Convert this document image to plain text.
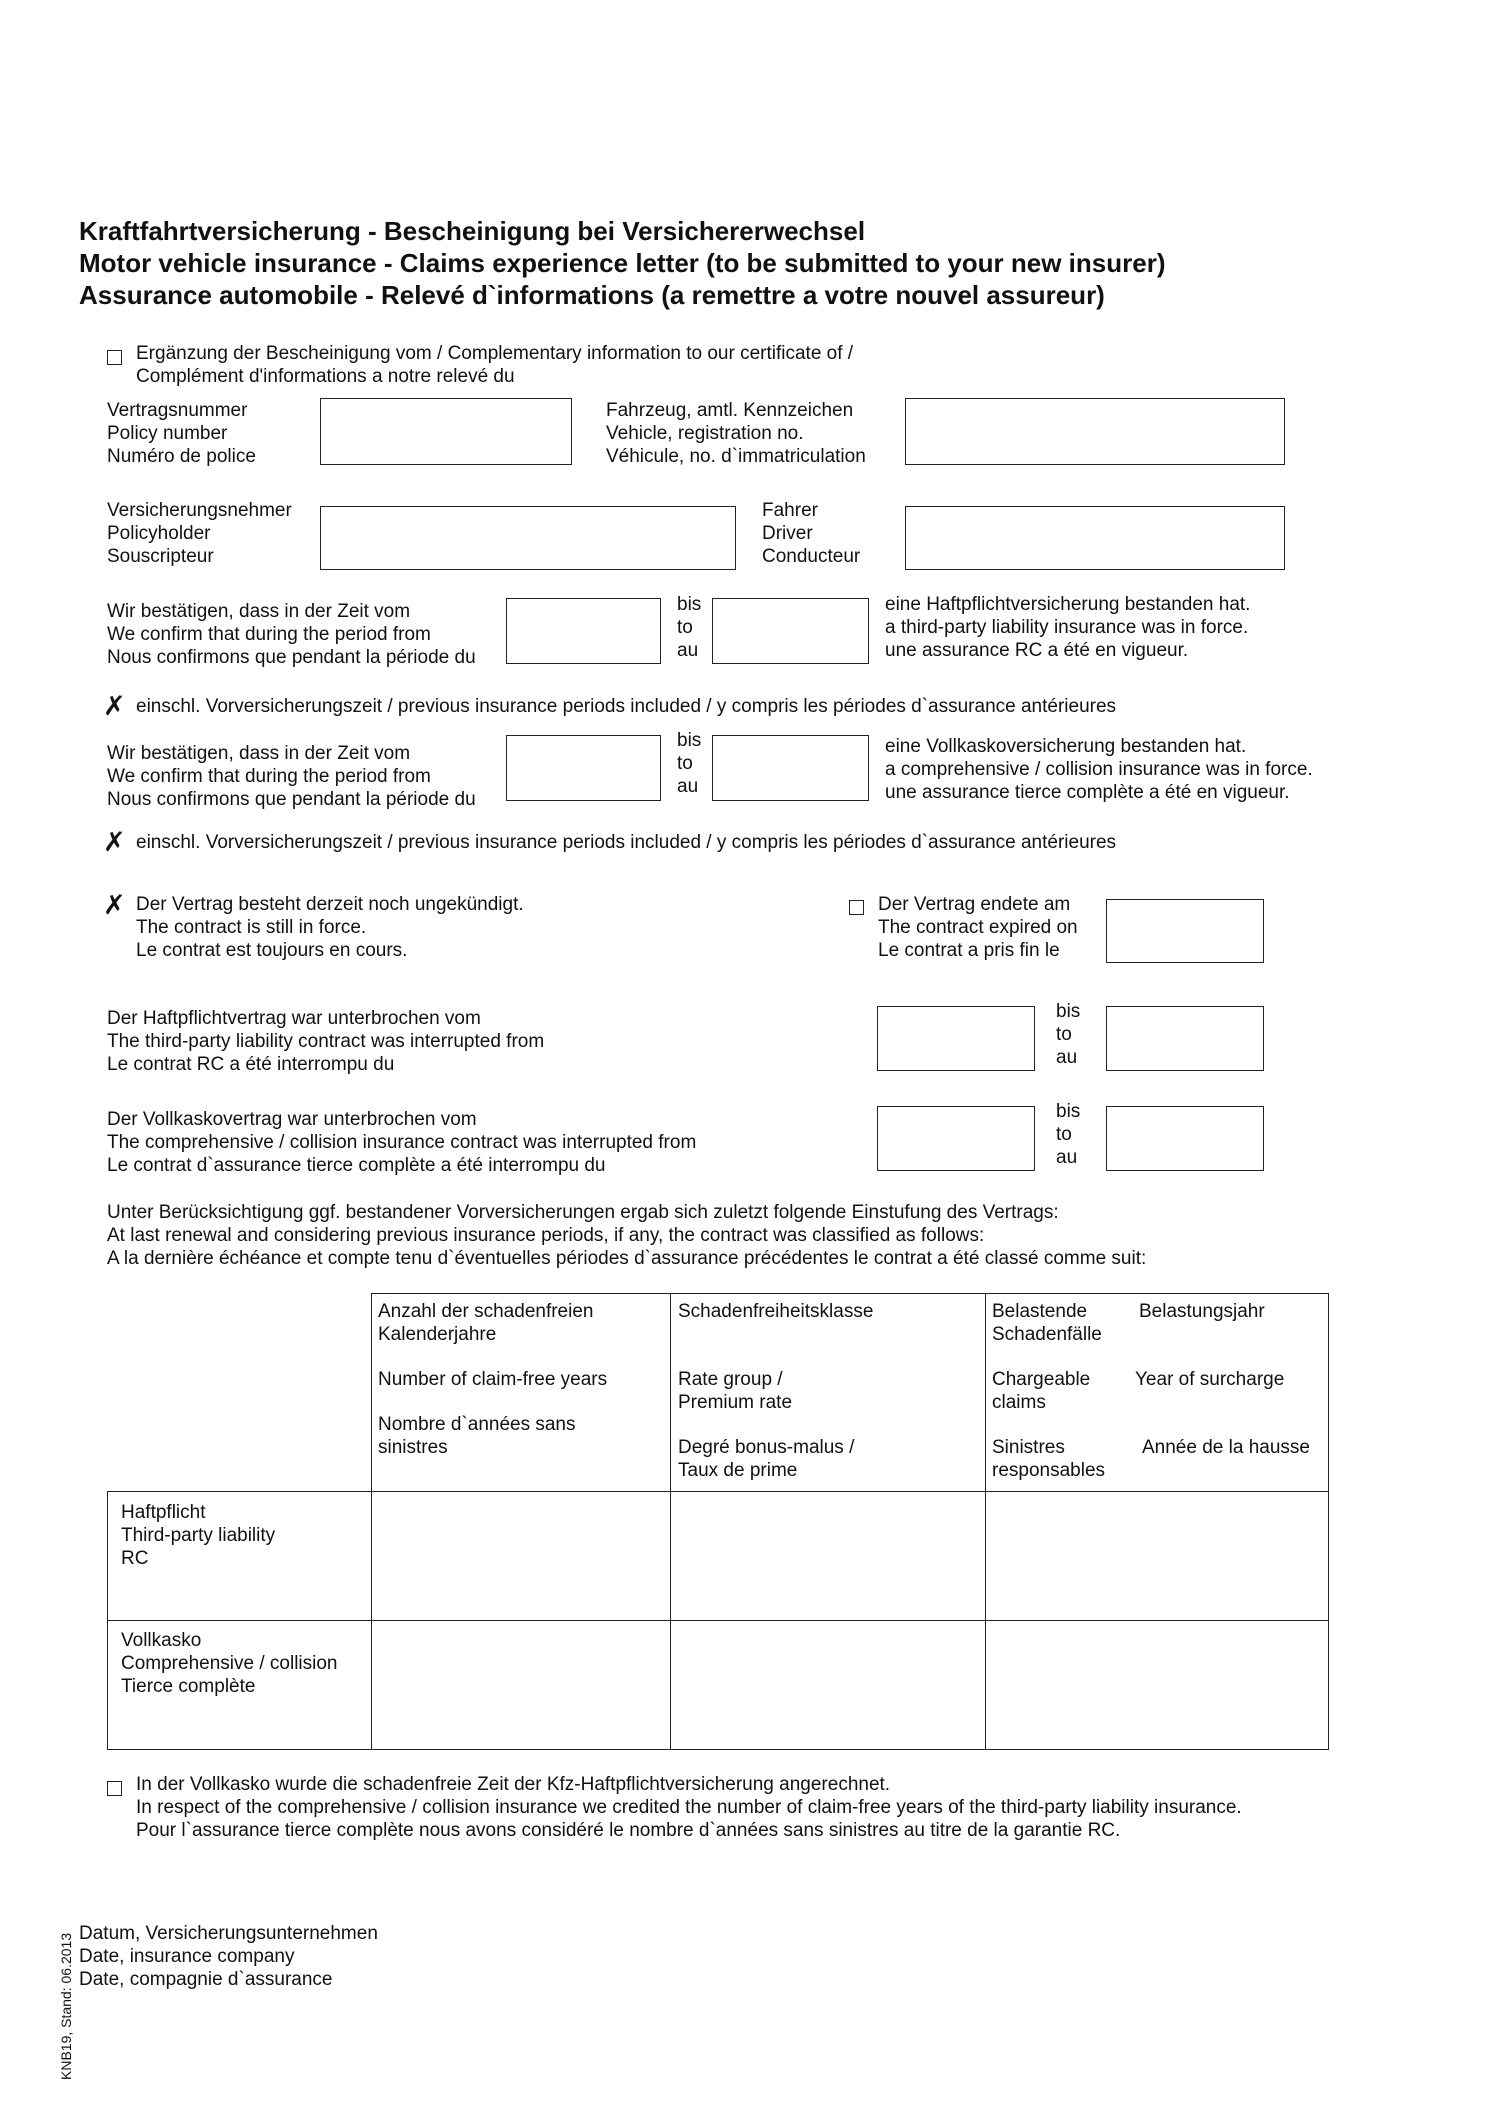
Kraftfahrtversicherung - Bescheinigung bei Versichererwechsel
Motor vehicle insurance - Claims experience letter (to be submitted to your new insurer)
Assurance automobile - Relevé d`informations (a remettre a votre nouvel assureur)
Ergänzung der Bescheinigung vom / Complementary information to our certificate of /
Complément d'informations a notre relevé du
Vertragsnummer
Policy number
Numéro de police
Fahrzeug, amtl. Kennzeichen
Vehicle, registration no.
Véhicule, no. d`immatriculation
Versicherungsnehmer
Policyholder
Souscripteur
Fahrer
Driver
Conducteur
Wir bestätigen, dass in der Zeit vom
We confirm that during the period from
Nous confirmons que pendant la période du
bis
to
au
eine Haftpflichtversicherung bestanden hat.
a third-party liability insurance was in force.
une assurance RC a été en vigueur.
✗ einschl. Vorversicherungszeit / previous insurance periods included / y compris les périodes d`assurance antérieures
Wir bestätigen, dass in der Zeit vom
We confirm that during the period from
Nous confirmons que pendant la période du
bis
to
au
eine Vollkaskoversicherung bestanden hat.
a comprehensive / collision insurance was in force.
une assurance tierce complète a été en vigueur.
✗ einschl. Vorversicherungszeit / previous insurance periods included / y compris les périodes d`assurance antérieures
✗ Der Vertrag besteht derzeit noch ungekündigt.
The contract is still in force.
Le contrat est toujours en cours.
Der Vertrag endete am
The contract expired on
Le contrat a pris fin le
Der Haftpflichtvertrag war unterbrochen vom
The third-party liability contract was interrupted from
Le contrat RC a été interrompu du
bis
to
au
Der Vollkaskovertrag war unterbrochen vom
The comprehensive / collision insurance contract was interrupted from
Le contrat d`assurance tierce complète a été interrompu du
bis
to
au
Unter Berücksichtigung ggf. bestandener Vorversicherungen ergab sich zuletzt folgende Einstufung des Vertrags:
At last renewal and considering previous insurance periods, if any, the contract was classified as follows:
A la dernière échéance et compte tenu d`éventuelles périodes d`assurance précédentes le contrat a été classé comme suit:
Anzahl der schadenfreien
Kalenderjahre
Number of claim-free years
Nombre d`années sans
sinistres
Schadenfreiheitsklasse
Rate group /
Premium rate
Degré bonus-malus /
Taux de prime
Belastende
Schadenfälle
Chargeable
claims
Sinistres
responsables
Belastungsjahr
Year of surcharge
Année de la hausse
Haftpflicht
Third-party liability
RC
Vollkasko
Comprehensive / collision
Tierce complète
In der Vollkasko wurde die schadenfreie Zeit der Kfz-Haftpflichtversicherung angerechnet.
In respect of the comprehensive / collision insurance we credited the number of claim-free years of the third-party liability insurance.
Pour l`assurance tierce complète nous avons considéré le nombre d`années sans sinistres au titre de la garantie RC.
Datum, Versicherungsunternehmen
Date, insurance company
Date, compagnie d`assurance
KNB19, Stand: 06.2013
